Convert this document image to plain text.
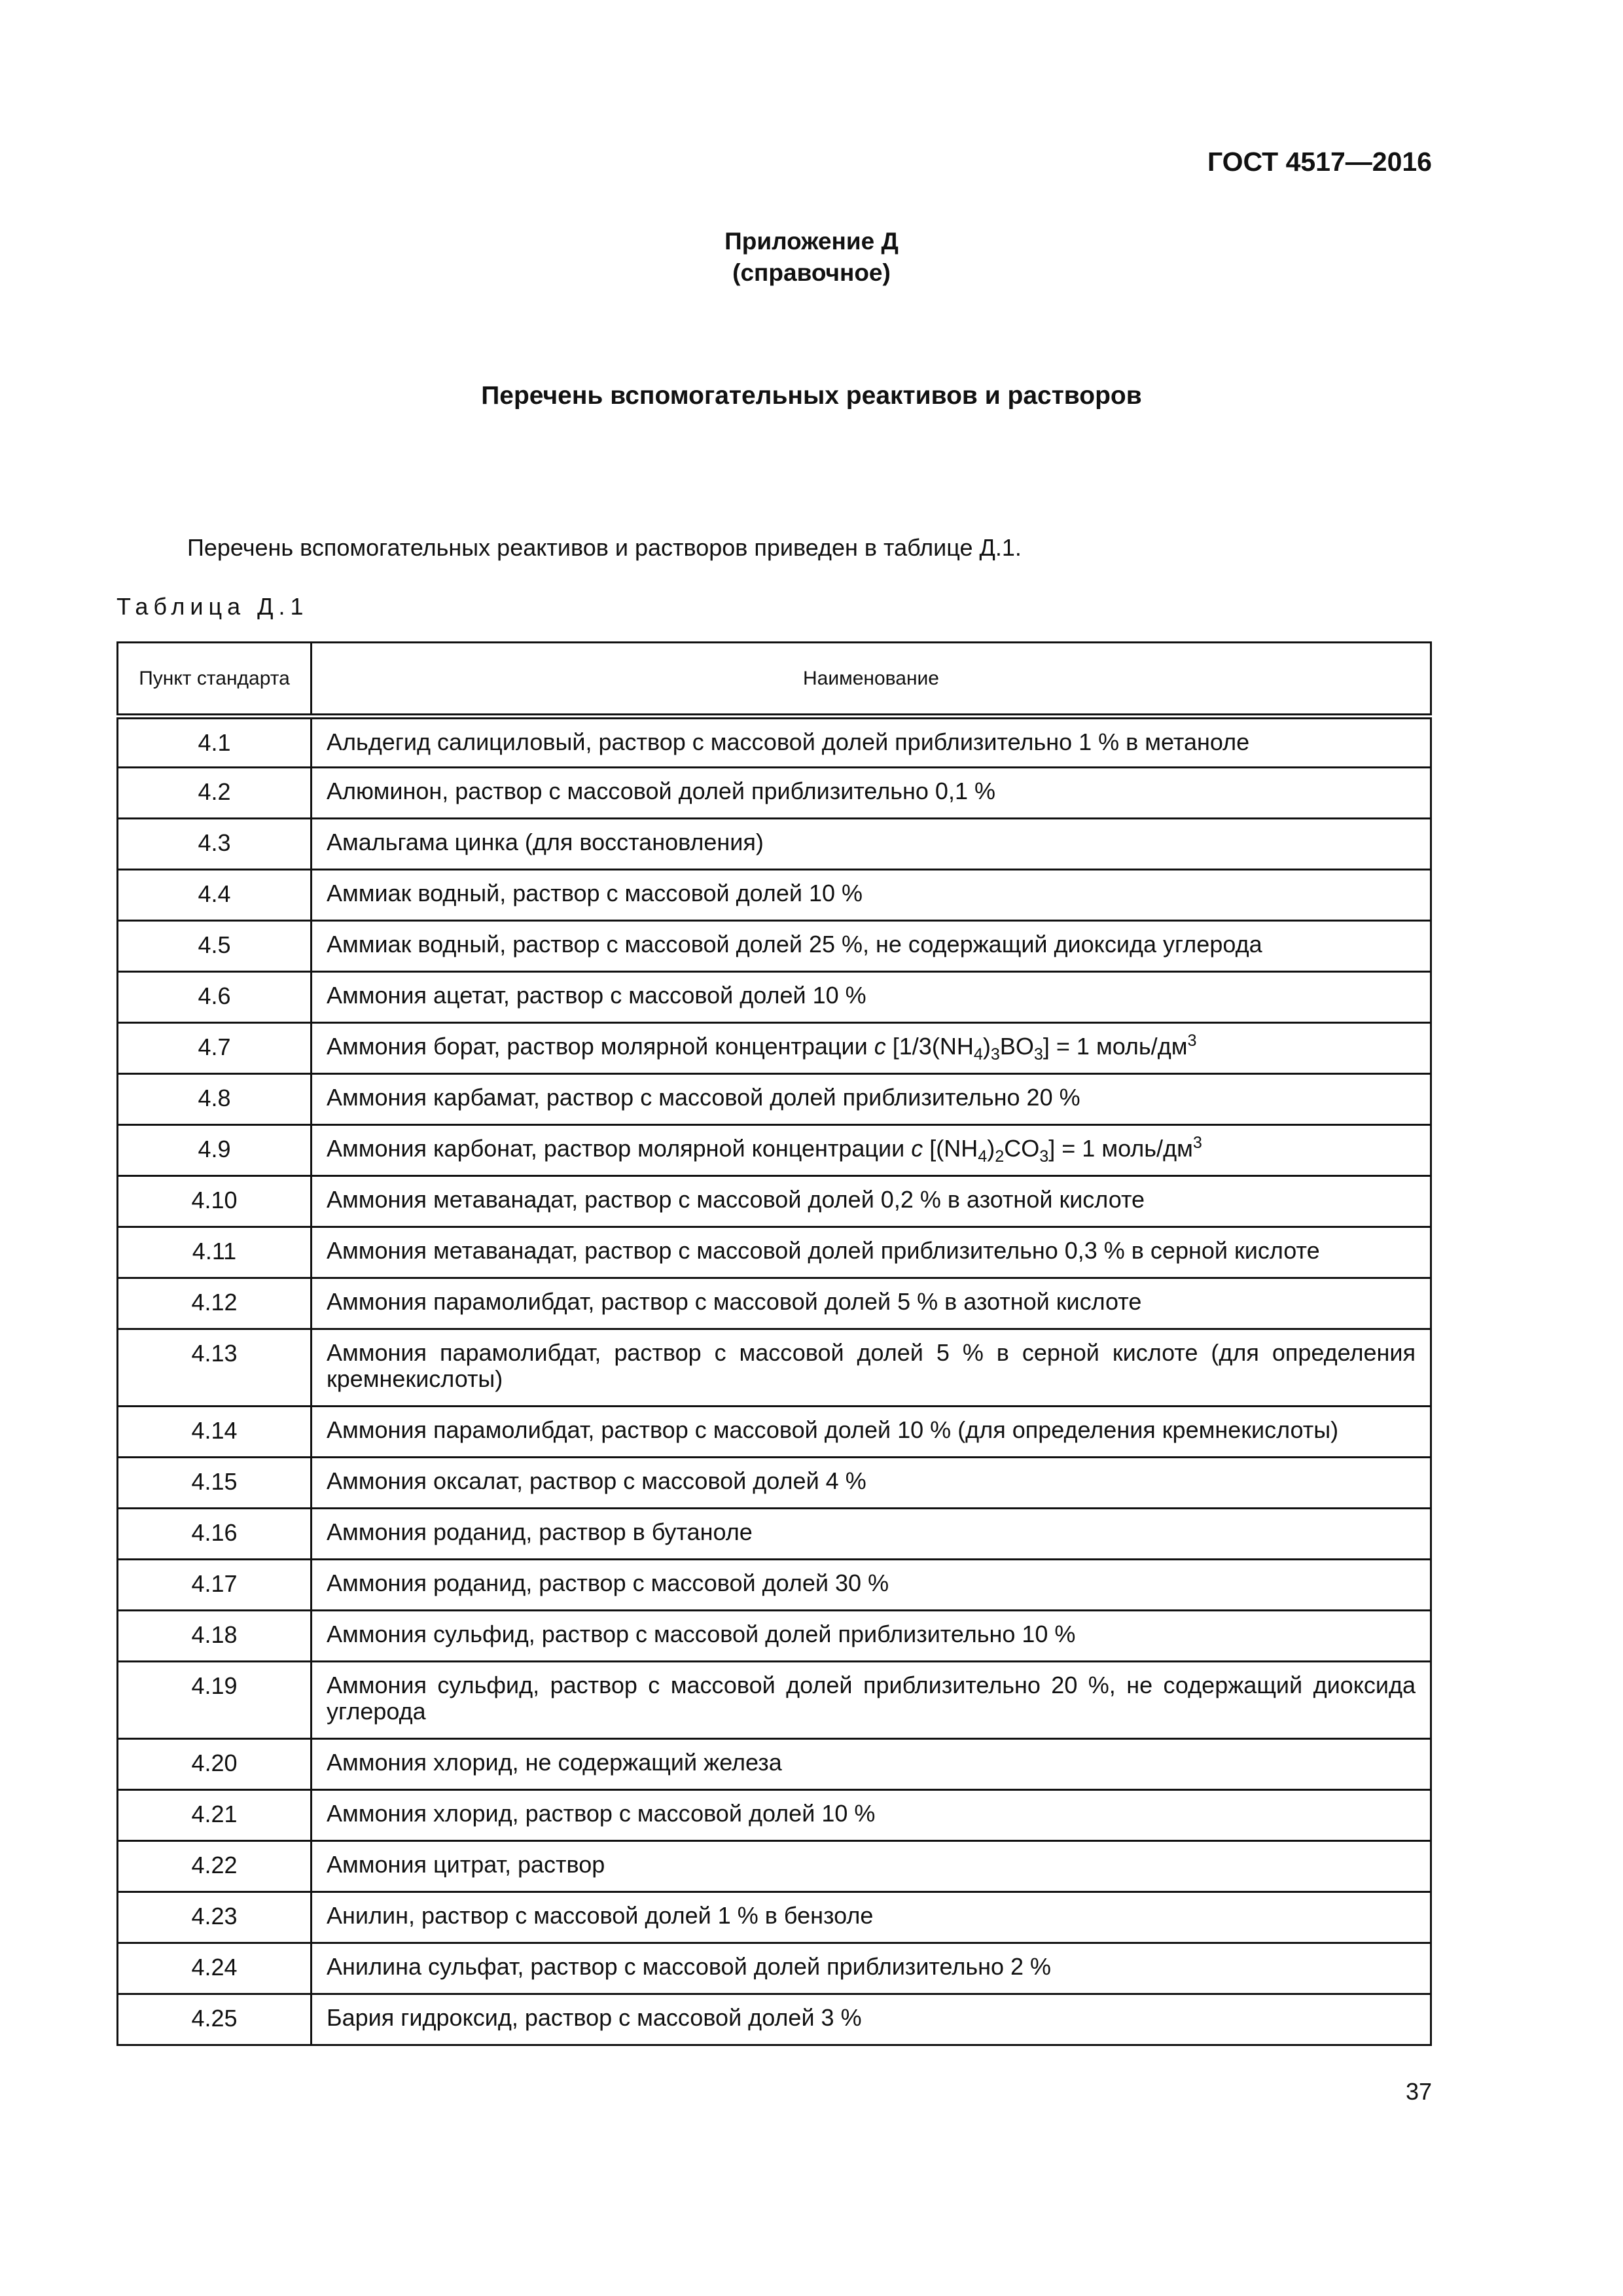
ГОСТ 4517—2016
Приложение Д
(справочное)
Перечень вспомогательных реактивов и растворов
Перечень вспомогательных реактивов и растворов приведен в таблице Д.1.
Таблица Д.1
Пункт стандарта	Наименование
4.1	Альдегид салициловый, раствор с массовой долей приблизительно 1 % в метаноле
4.2	Алюминон, раствор с массовой долей приблизительно 0,1 %
4.3	Амальгама цинка (для восстановления)
4.4	Аммиак водный, раствор с массовой долей 10 %
4.5	Аммиак водный, раствор с массовой долей 25 %, не содержащий диоксида углерода
4.6	Аммония ацетат, раствор с массовой долей 10 %
4.7	Аммония борат, раствор молярной концентрации c $[1/3(NH_4)_3BO_3] = 1$ моль/$дм^3$
4.8	Аммония карбамат, раствор с массовой долей приблизительно 20 %
4.9	Аммония карбонат, раствор молярной концентрации c $[(NH_4)_2CO_3] = 1$ моль/$дм^3$
4.10	Аммония метаванадат, раствор с массовой долей 0,2 % в азотной кислоте
4.11	Аммония метаванадат, раствор с массовой долей приблизительно 0,3 % в серной кислоте
4.12	Аммония парамолибдат, раствор с массовой долей 5 % в азотной кислоте
4.13	Аммония парамолибдат, раствор с массовой долей 5 % в серной кислоте (для определения кремнекислоты)
4.14	Аммония парамолибдат, раствор с массовой долей 10 % (для определения кремнекислоты)
4.15	Аммония оксалат, раствор с массовой долей 4 %
4.16	Аммония роданид, раствор в бутаноле
4.17	Аммония роданид, раствор с массовой долей 30 %
4.18	Аммония сульфид, раствор с массовой долей приблизительно 10 %
4.19	Аммония сульфид, раствор с массовой долей приблизительно 20 %, не содержащий диоксида углерода
4.20	Аммония хлорид, не содержащий железа
4.21	Аммония хлорид, раствор с массовой долей 10 %
4.22	Аммония цитрат, раствор
4.23	Анилин, раствор с массовой долей 1 % в бензоле
4.24	Анилина сульфат, раствор с массовой долей приблизительно 2 %
4.25	Бария гидроксид, раствор с массовой долей 3 %
37
